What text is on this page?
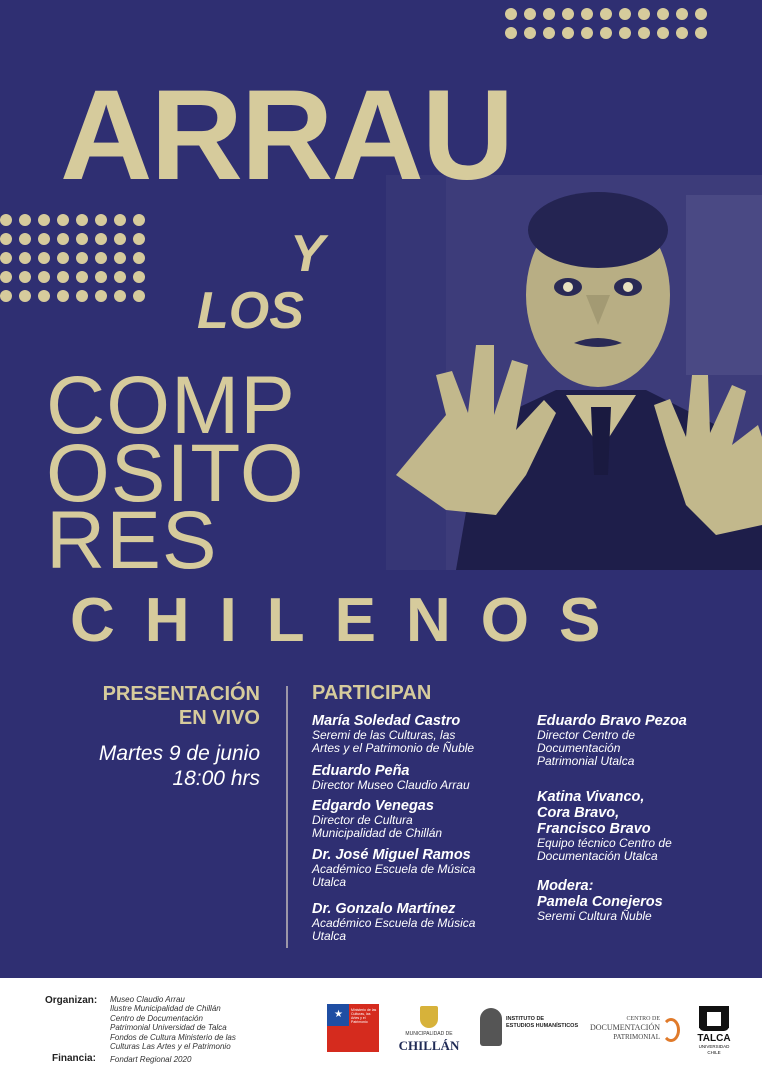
ARRAU
Y
LOS
COMP
OSITO
RES
CHILENOS
PRESENTACIÓN
EN VIVO
Martes 9 de junio
18:00 hrs
PARTICIPAN
María Soledad Castro
Seremi de las Culturas, las
Artes y el Patrimonio de Ñuble
Eduardo Peña
Director Museo Claudio Arrau
Edgardo Venegas
Director de Cultura
Municipalidad de Chillán
Dr. José Miguel Ramos
Académico Escuela de Música
Utalca
Dr. Gonzalo Martínez
Académico Escuela de Música
Utalca
Eduardo Bravo Pezoa
Director Centro de
Documentación
Patrimonial Utalca
Katina Vivanco,
Cora Bravo,
Francisco Bravo
Equipo técnico Centro de
Documentación Utalca
Modera:
Pamela Conejeros
Seremi Cultura Ñuble
Organizan: Museo Claudio Arrau
Ilustre Municipalidad de Chillán
Centro de Documentación
Patrimonial Universidad de Talca
Fondos de Cultura Ministerio de las
Culturas Las Artes y el Patrimonio
Financia: Fondart Regional 2020
★ Ministerio de las Culturas, las Artes y el Patrimonio
MUNICIPALIDAD DE
CHILLÁN
INSTITUTO DE
ESTUDIOS HUMANÍSTICOS
CENTRO DE
DOCUMENTACIÓN
PATRIMONIAL	TALCA
UNIVERSIDAD
CHILE
